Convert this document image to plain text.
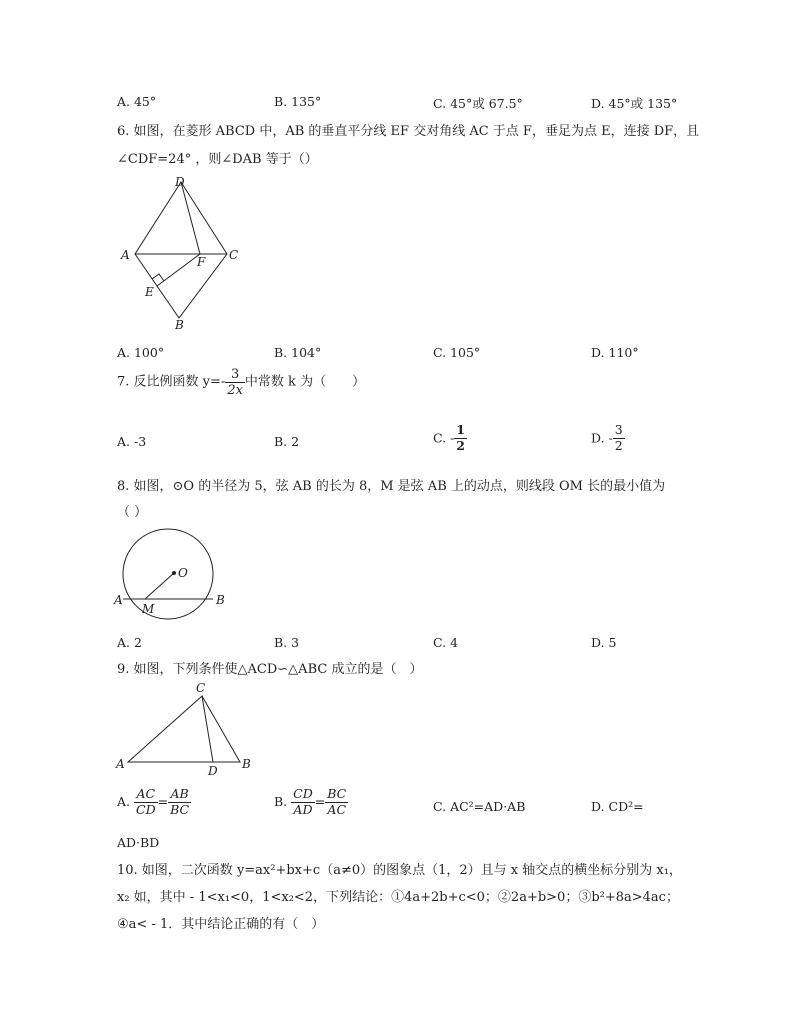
A. 45°	B. 135°	C. 45°或 67.5°	D. 45°或 135°
6. 如图，在菱形 ABCD 中，AB 的垂直平分线 EF 交对角线 AC 于点 F，垂足为点 E，连接 DF，且
∠CDF=24° ，则∠DAB 等于（）
D
A	C
F
E
B
A. 100°	B. 104°	C. 105°	D. 110°
7. 反比例函数 $y=- \frac{3}{2x}$ 中常数 k 为（　　）
A. -3	B. 2	C. - $\frac{1}{2}$	D. - $\frac{3}{2}$
8. 如图，⊙O 的半径为 5，弦 AB 的长为 8，M 是弦 AB 上的动点，则线段 OM 长的最小值为
（ ）
O
A	B
M
A. 2	B. 3	C. 4	D. 5
9. 如图，下列条件使△ACD∽△ABC 成立的是（　）
C
A	B
D
A. $\frac{AC}{CD} = \frac{AB}{BC}$	B. $\frac{CD}{AD} = \frac{BC}{AC}$	C. AC²=AD·AB	D. CD²=
AD·BD
10. 如图，二次函数 y=ax²+bx+c（a≠0）的图象点（1，2）且与 x 轴交点的横坐标分别为 x₁，
x₂ 如，其中 - 1<x₁<0，1<x₂<2，下列结论：①4a+2b+c<0；②2a+b>0；③b²+8a>4ac；
④a< - 1．其中结论正确的有（　）
